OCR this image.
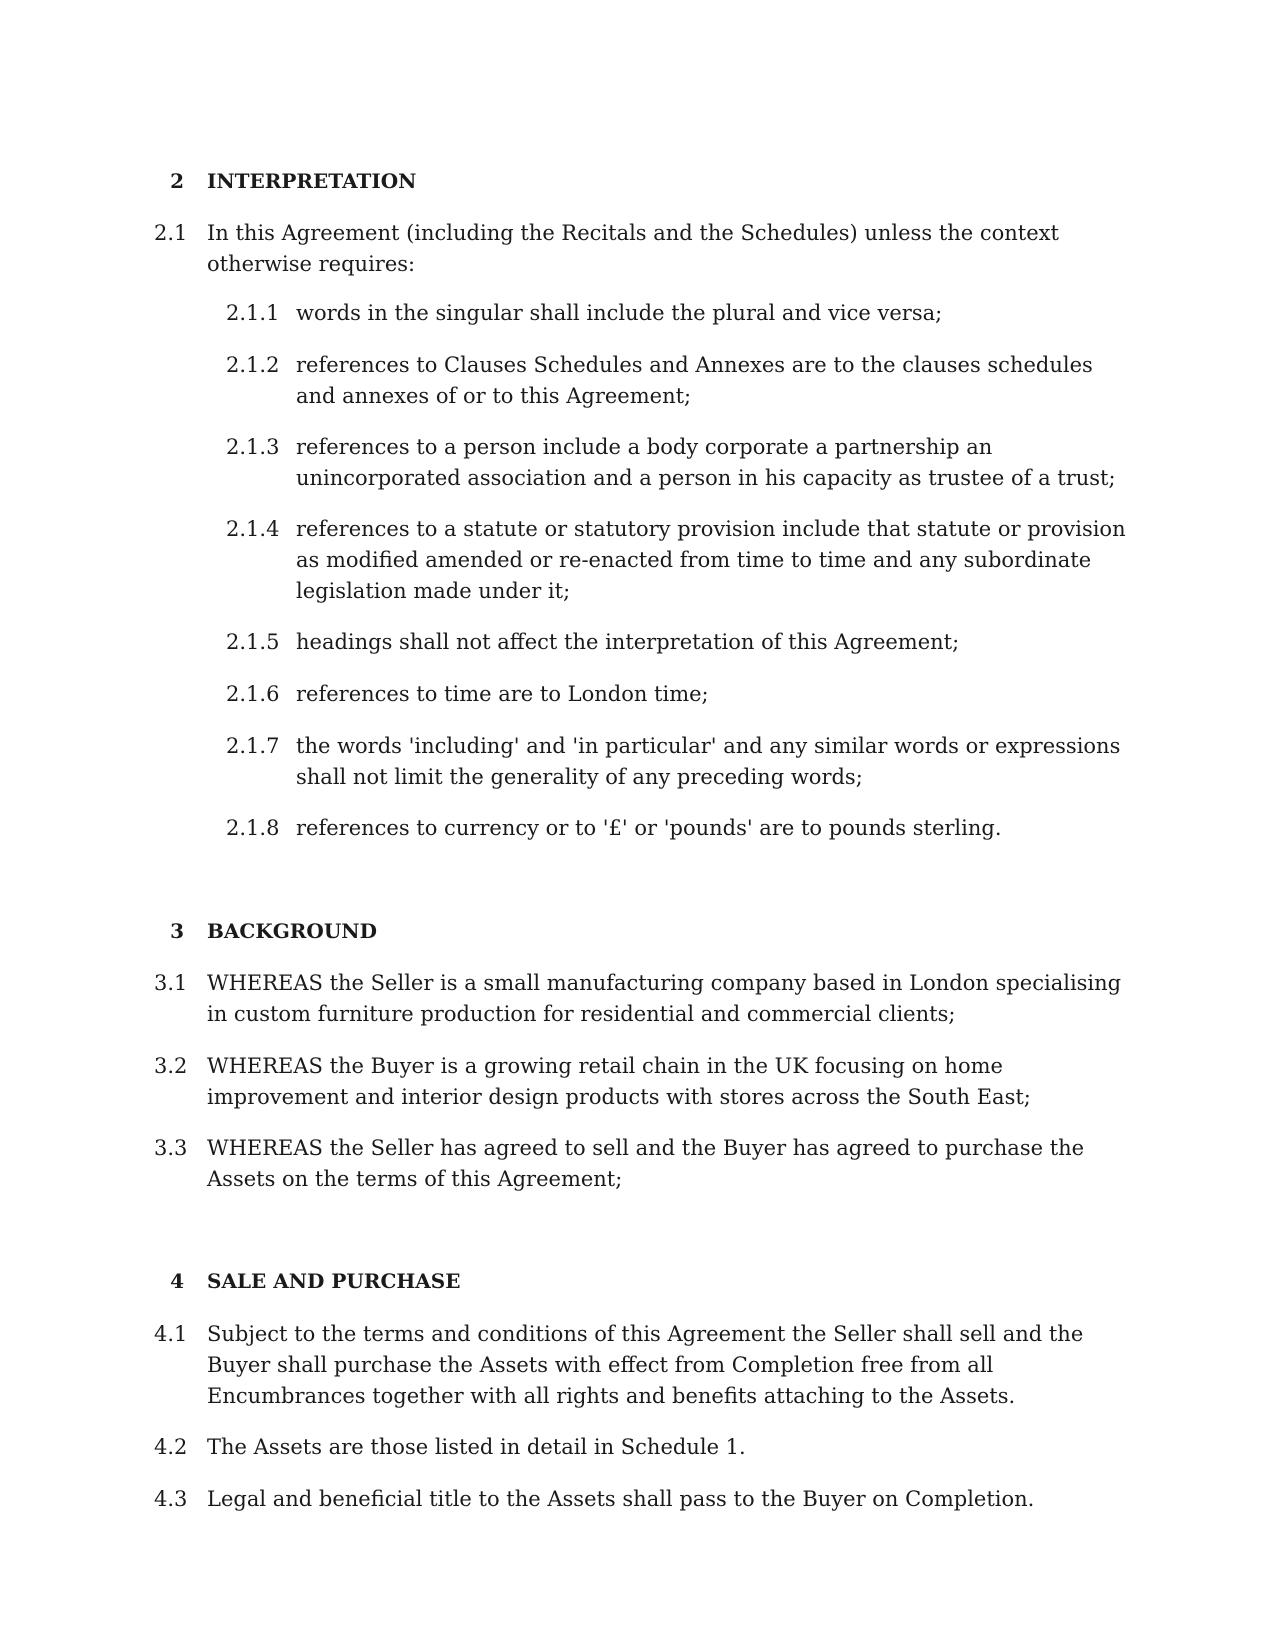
2 INTERPRETATION
2.1 In this Agreement (including the Recitals and the Schedules) unless the context otherwise requires:
2.1.1 words in the singular shall include the plural and vice versa;
2.1.2 references to Clauses Schedules and Annexes are to the clauses schedules and annexes of or to this Agreement;
2.1.3 references to a person include a body corporate a partnership an unincorporated association and a person in his capacity as trustee of a trust;
2.1.4 references to a statute or statutory provision include that statute or provision as modified amended or re-enacted from time to time and any subordinate legislation made under it;
2.1.5 headings shall not affect the interpretation of this Agreement;
2.1.6 references to time are to London time;
2.1.7 the words 'including' and 'in particular' and any similar words or expressions shall not limit the generality of any preceding words;
2.1.8 references to currency or to '£' or 'pounds' are to pounds sterling.
3 BACKGROUND
3.1 WHEREAS the Seller is a small manufacturing company based in London specialising in custom furniture production for residential and commercial clients;
3.2 WHEREAS the Buyer is a growing retail chain in the UK focusing on home improvement and interior design products with stores across the South East;
3.3 WHEREAS the Seller has agreed to sell and the Buyer has agreed to purchase the Assets on the terms of this Agreement;
4 SALE AND PURCHASE
4.1 Subject to the terms and conditions of this Agreement the Seller shall sell and the Buyer shall purchase the Assets with effect from Completion free from all Encumbrances together with all rights and benefits attaching to the Assets.
4.2 The Assets are those listed in detail in Schedule 1.
4.3 Legal and beneficial title to the Assets shall pass to the Buyer on Completion.
